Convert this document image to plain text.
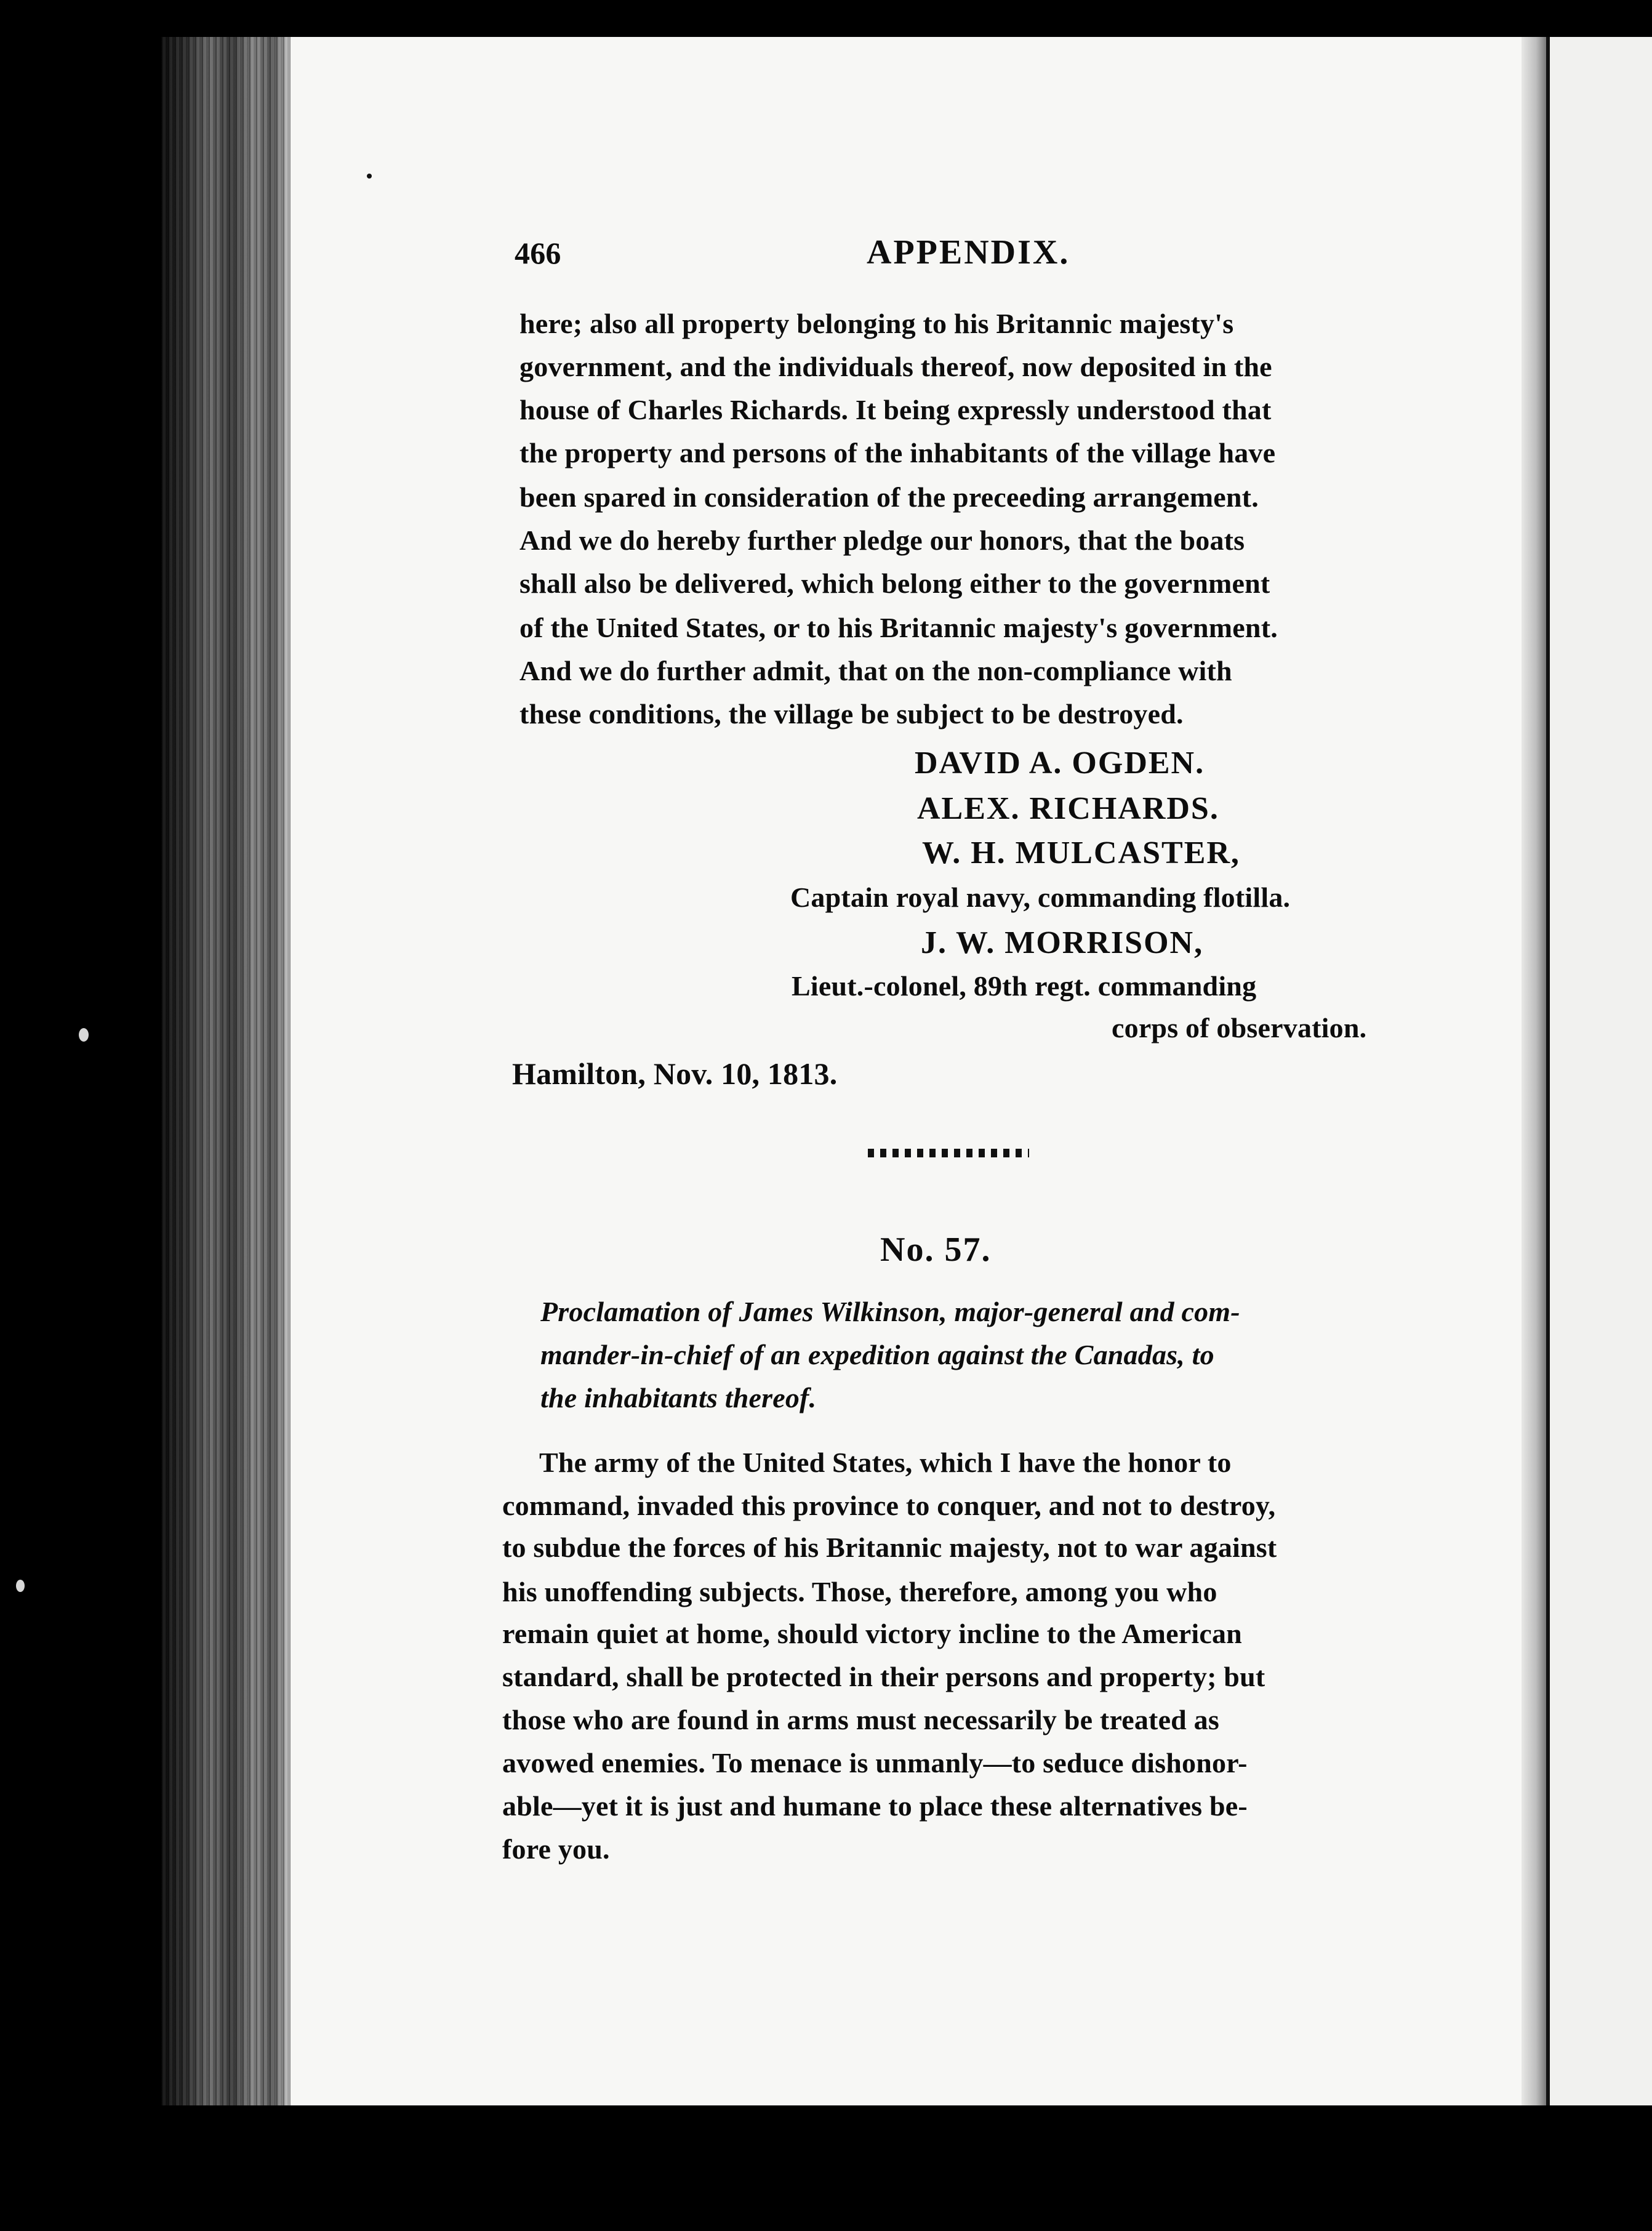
466	APPENDIX.
here; also all property belonging to his Britannic majesty's
government, and the individuals thereof, now deposited in the
house of Charles Richards. It being expressly understood that
the property and persons of the inhabitants of the village have
been spared in consideration of the preceeding arrangement.
And we do hereby further pledge our honors, that the boats
shall also be delivered, which belong either to the government
of the United States, or to his Britannic majesty's government.
And we do further admit, that on the non-compliance with
these conditions, the village be subject to be destroyed.
DAVID A. OGDEN.
ALEX. RICHARDS.
W. H. MULCASTER,
Captain royal navy, commanding flotilla.
J. W. MORRISON,
Lieut.-colonel, 89th regt. commanding
corps of observation.
Hamilton, Nov. 10, 1813.
No. 57.
Proclamation of James Wilkinson, major-general and com-
mander-in-chief of an expedition against the Canadas, to
the inhabitants thereof.
The army of the United States, which I have the honor to
command, invaded this province to conquer, and not to destroy,
to subdue the forces of his Britannic majesty, not to war against
his unoffending subjects. Those, therefore, among you who
remain quiet at home, should victory incline to the American
standard, shall be protected in their persons and property; but
those who are found in arms must necessarily be treated as
avowed enemies. To menace is unmanly—to seduce dishonor-
able—yet it is just and humane to place these alternatives be-
fore you.
